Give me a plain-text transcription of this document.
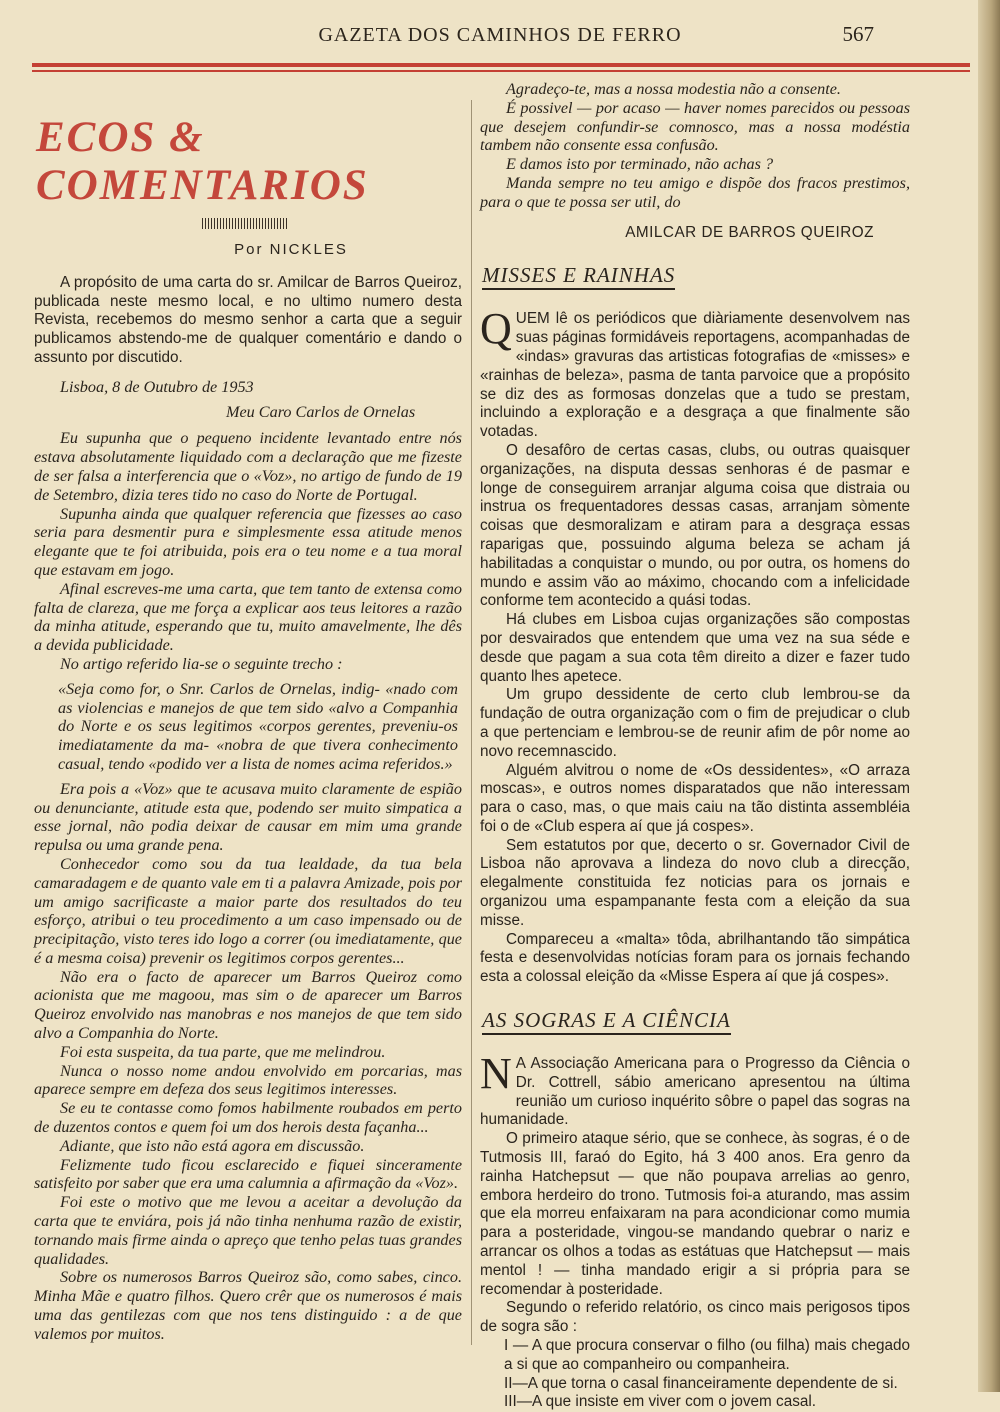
GAZETA DOS CAMINHOS DE FERRO	567
ECOS & COMENTARIOS
Por NICKLES

A propósito de uma carta do sr. Amilcar de Barros Queiroz, publicada neste mesmo local, e no ultimo numero desta Revista, recebemos do mesmo senhor a carta que a seguir publicamos abstendo-me de qualquer comentário e dando o assunto por discutido.

Lisboa, 8 de Outubro de 1953

Meu Caro Carlos de Ornelas

Eu supunha que o pequeno incidente levantado entre nós estava absolutamente liquidado com a declaração que me fizeste de ser falsa a interferencia que o «Voz», no artigo de fundo de 19 de Setembro, dizia teres tido no caso do Norte de Portugal.

Supunha ainda que qualquer referencia que fizesses ao caso seria para desmentir pura e simplesmente essa atitude menos elegante que te foi atribuida, pois era o teu nome e a tua moral que estavam em jogo.

Afinal escreves-me uma carta, que tem tanto de extensa como falta de clareza, que me força a explicar aos teus leitores a razão da minha atitude, esperando que tu, muito amavelmente, lhe dês a devida publicidade.

No artigo referido lia-se o seguinte trecho :

«Seja como for, o Snr. Carlos de Ornelas, indig- «nado com as violencias e manejos de que tem sido «alvo a Companhia do Norte e os seus legitimos «corpos gerentes, preveniu-os imediatamente da ma- «nobra de que tivera conhecimento casual, tendo «podido ver a lista de nomes acima referidos.»

Era pois a «Voz» que te acusava muito claramente de espião ou denunciante, atitude esta que, podendo ser muito simpatica a esse jornal, não podia deixar de causar em mim uma grande repulsa ou uma grande pena.

Conhecedor como sou da tua lealdade, da tua bela camaradagem e de quanto vale em ti a palavra Amizade, pois por um amigo sacrificaste a maior parte dos resultados do teu esforço, atribui o teu procedimento a um caso impensado ou de precipitação, visto teres ido logo a correr (ou imediatamente, que é a mesma coisa) prevenir os legitimos corpos gerentes...

Não era o facto de aparecer um Barros Queiroz como acionista que me magoou, mas sim o de aparecer um Barros Queiroz envolvido nas manobras e nos manejos de que tem sido alvo a Companhia do Norte.

Foi esta suspeita, da tua parte, que me melindrou.

Nunca o nosso nome andou envolvido em porcarias, mas aparece sempre em defeza dos seus legitimos interesses.

Se eu te contasse como fomos habilmente roubados em perto de duzentos contos e quem foi um dos herois desta façanha...

Adiante, que isto não está agora em discussão.

Felizmente tudo ficou esclarecido e fiquei sinceramente satisfeito por saber que era uma calumnia a afirmação da «Voz».

Foi este o motivo que me levou a aceitar a devolução da carta que te enviára, pois já não tinha nenhuma razão de existir, tornando mais firme ainda o apreço que tenho pelas tuas grandes qualidades.

Sobre os numerosos Barros Queiroz são, como sabes, cinco. Minha Mãe e quatro filhos. Quero crêr que os numerosos é mais uma das gentilezas com que nos tens distinguido : a de que valemos por muitos.

Agradeço-te, mas a nossa modestia não a consente.

É possivel — por acaso — haver nomes parecidos ou pessoas que desejem confundir-se comnosco, mas a nossa modéstia tambem não consente essa confusão.

E damos isto por terminado, não achas ?

Manda sempre no teu amigo e dispõe dos fracos prestimos, para o que te possa ser util, do

AMILCAR DE BARROS QUEIROZ

MISSES E RAINHAS

QUEM lê os periódicos que diàriamente desenvolvem nas suas páginas formidáveis reportagens, acompanhadas de «indas» gravuras das artisticas fotografias de «misses» e «rainhas de beleza», pasma de tanta parvoice que a propósito se diz des as formosas donzelas que a tudo se prestam, incluindo a exploração e a desgraça a que finalmente são votadas.

O desafôro de certas casas, clubs, ou outras quaisquer organizações, na disputa dessas senhoras é de pasmar e longe de conseguirem arranjar alguma coisa que distraia ou instrua os frequentadores dessas casas, arranjam sòmente coisas que desmoralizam e atiram para a desgraça essas raparigas que, possuindo alguma beleza se acham já habilitadas a conquistar o mundo, ou por outra, os homens do mundo e assim vão ao máximo, chocando com a infelicidade conforme tem acontecido a quási todas.

Há clubes em Lisboa cujas organizações são compostas por desvairados que entendem que uma vez na sua séde e desde que pagam a sua cota têm direito a dizer e fazer tudo quanto lhes apetece.

Um grupo dessidente de certo club lembrou-se da fundação de outra organização com o fim de prejudicar o club a que pertenciam e lembrou-se de reunir afim de pôr nome ao novo recemnascido.

Alguém alvitrou o nome de «Os dessidentes», «O arraza moscas», e outros nomes disparatados que não interessam para o caso, mas, o que mais caiu na tão distinta assembléia foi o de «Club espera aí que já cospes».

Sem estatutos por que, decerto o sr. Governador Civil de Lisboa não aprovava a lindeza do novo club a direcção, elegalmente constituida fez noticias para os jornais e organizou uma espampanante festa com a eleição da sua misse.

Compareceu a «malta» tôda, abrilhantando tão simpática festa e desenvolvidas notícias foram para os jornais fechando esta a colossal eleição da «Misse Espera aí que já cospes».

AS SOGRAS E A CIÊNCIA

N A Associação Americana para o Progresso da Ciência o Dr. Cottrell, sábio americano apresentou na última reunião um curioso inquérito sôbre o papel das sogras na humanidade.

O primeiro ataque sério, que se conhece, às sogras, é o de Tutmosis III, faraó do Egito, há 3 400 anos. Era genro da rainha Hatchepsut — que não poupava arrelias ao genro, embora herdeiro do trono. Tutmosis foi-a aturando, mas assim que ela morreu enfaixaram na para acondicionar como mumia para a posteridade, vingou-se mandando quebrar o nariz e arrancar os olhos a todas as estátuas que Hatchepsut — mais mentol ! — tinha mandado erigir a si própria para se recomendar à posteridade.

Segundo o referido relatório, os cinco mais perigosos tipos de sogra são :

I — A que procura conservar o filho (ou filha) mais chegado a si que ao companheiro ou companheira.

II—A que torna o casal financeiramente dependente de si.

III—A que insiste em viver com o jovem casal.
